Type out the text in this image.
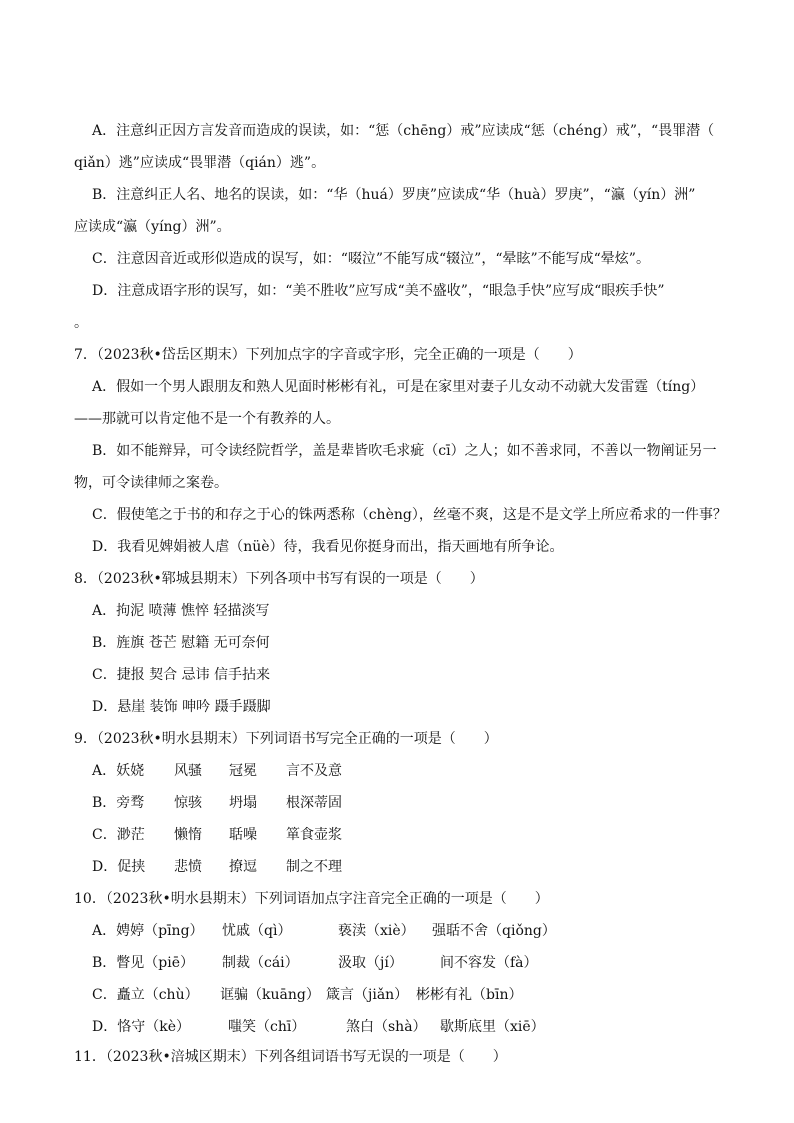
A．注意纠正因方言发音而造成的误读，如：“惩（chēng）戒”应读成“惩（chéng）戒”，“畏罪潜（
qiǎn）逃”应读成“畏罪潜（qián）逃”。
B．注意纠正人名、地名的误读，如：“华（huá）罗庚”应读成“华（huà）罗庚”，“瀛（yín）洲”
应读成“瀛（yíng）洲”。
C．注意因音近或形似造成的误写，如：“啜泣”不能写成“辍泣”，“晕眩”不能写成“晕炫”。
D．注意成语字形的误写，如：“美不胜收”应写成“美不盛收”，“眼急手快”应写成“眼疾手快”
。
7．（2023秋•岱岳区期末）下列加点字的字音或字形，完全正确的一项是（　　）
A．假如一个男人跟朋友和熟人见面时彬彬有礼，可是在家里对妻子儿女动不动就大发雷霆（tíng）
——那就可以肯定他不是一个有教养的人。
B．如不能辩异，可令读经院哲学，盖是辈皆吹毛求疵（cī）之人；如不善求同，不善以一物阐证另一
物，可令读律师之案卷。
C．假使笔之于书的和存之于心的铢两悉称（chèng），丝毫不爽，这是不是文学上所应希求的一件事？
D．我看见婢娟被人虐（nüè）待，我看见你挺身而出，指天画地有所争论。
8．（2023秋•郓城县期末）下列各项中书写有误的一项是（　　）
A．拘泥 喷薄 憔悴 轻描淡写
B．旌旗 苍芒 慰籍 无可奈何
C．捷报 契合 忌讳 信手拈来
D．悬崖 装饰 呻吟 蹑手蹑脚
9．（2023秋•明水县期末）下列词语书写完全正确的一项是（　　）
A．妖娆 风骚 冠冕 言不及意
B．旁骛 惊骇 坍塌 根深蒂固
C．渺茫 懒惰 聒噪 箪食壶浆
D．促挟 悲愤 撩逗 制之不理
10．（2023秋•明水县期末）下列词语加点字注音完全正确的一项是（　　）
A．娉婷（pīng） 忧戚（qì）	亵渎（xiè） 强聒不舍（qiǒng）
B．瞥见（piē） 制裁（cái）	汲取（jí）	间不容发（fà）
C．矗立（chù） 诓骗（kuāng） 箴言（jiǎn） 彬彬有礼（bīn）
D．恪守（kè）	嗤笑（chī）	煞白（shà） 歇斯底里（xiē）
11．（2023秋•涪城区期末）下列各组词语书写无误的一项是（　　）
